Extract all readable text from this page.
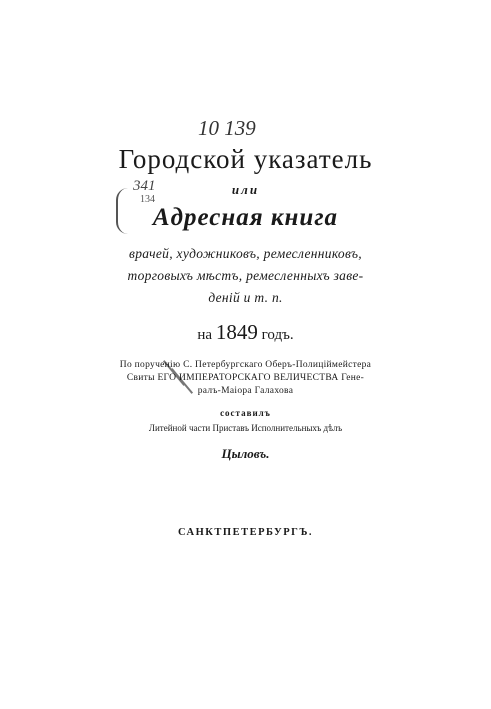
10 139
341
134
Городской указатель
или
Адресная книга
врачей, художниковъ, ремесленниковъ,
торговыхъ мѣстъ, ремесленныхъ заве-
деній и т. п.
на 1849 годъ.
По порученію С. Петербургскаго Оберъ-Полиціймейстера
Свиты ЕГО ИМПЕРАТОРСКАГО ВЕЛИЧЕСТВА Гене-
ралъ-Маіора Галахова
составилъ
Литейной части Приставъ Исполнительныхъ дѣлъ
Цыловъ.
САНКТПЕТЕРБУРГЪ.
